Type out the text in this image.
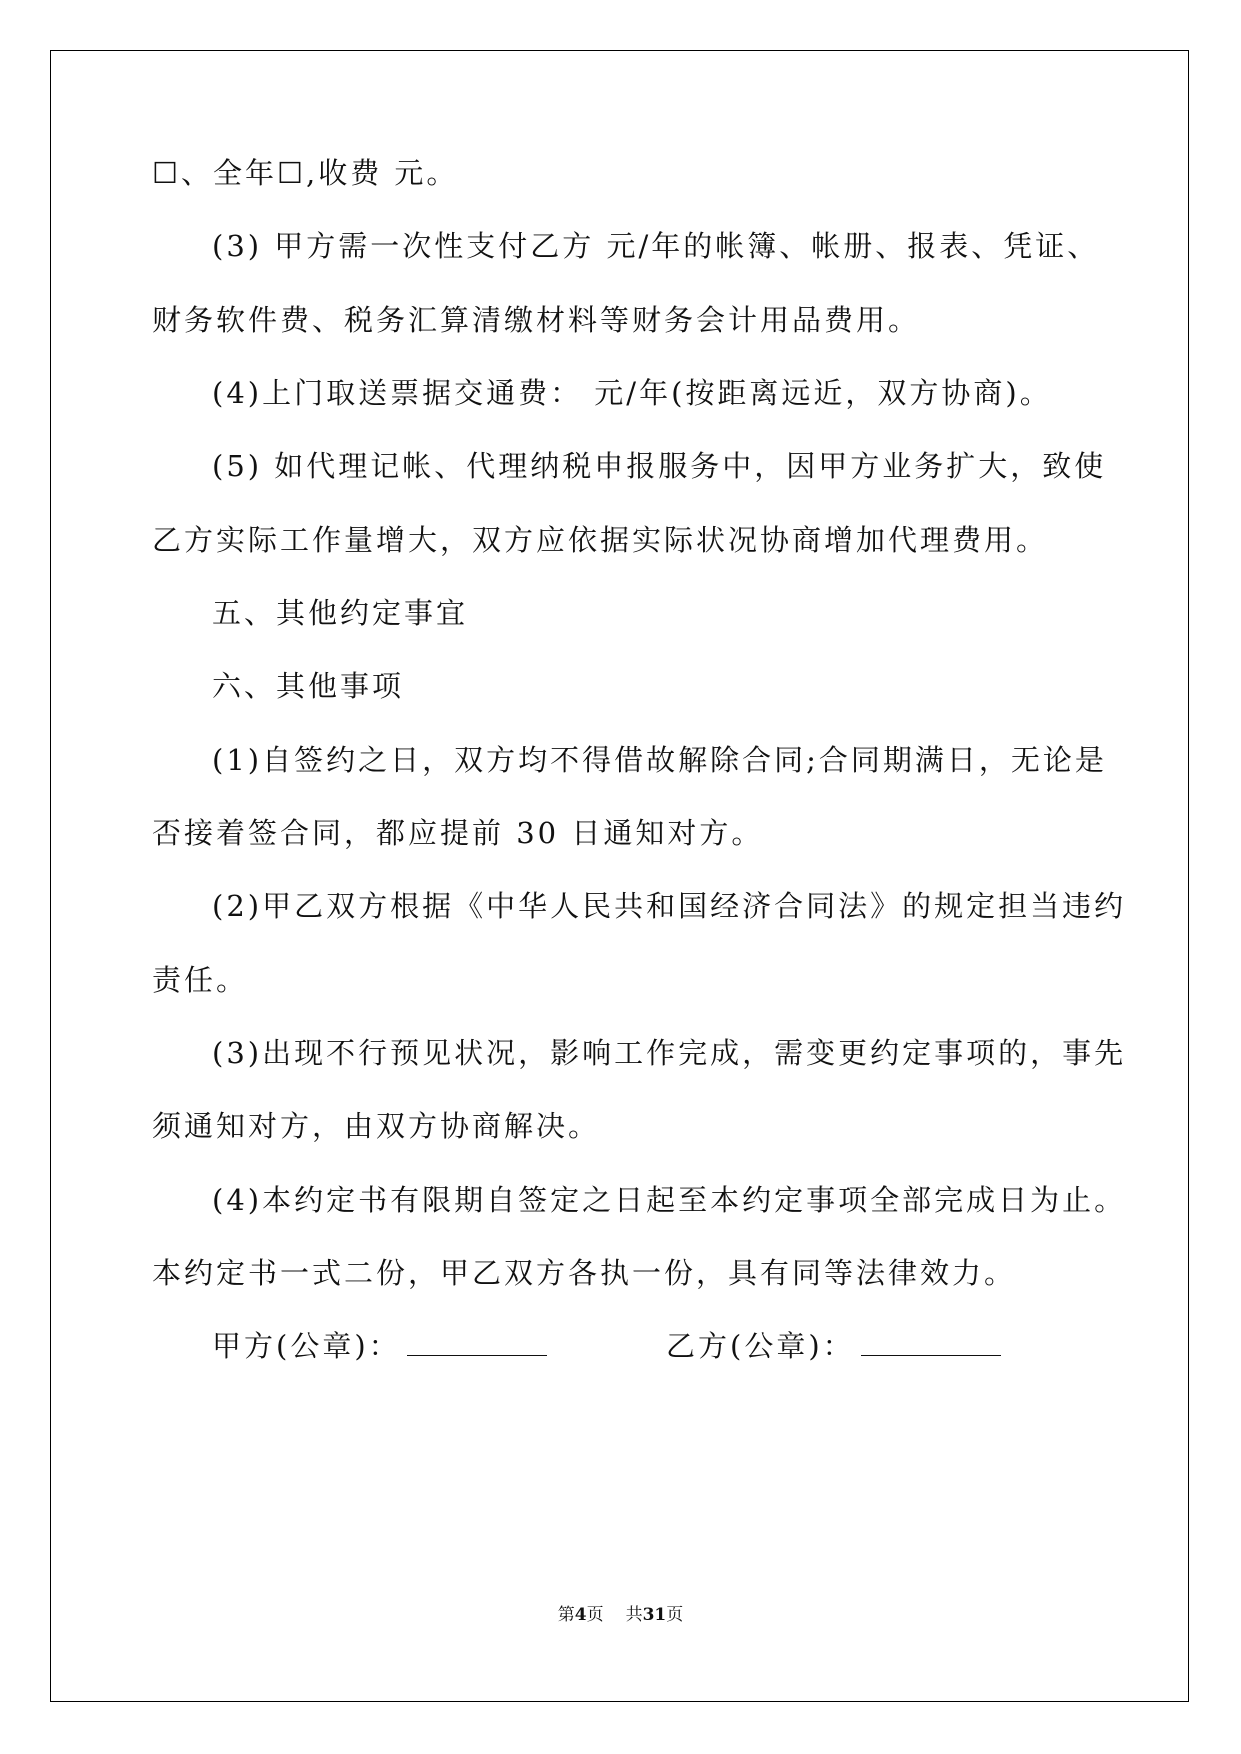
☐、全年☐,收费 元。
(3) 甲方需一次性支付乙方 元/年的帐簿、帐册、报表、凭证、
财务软件费、税务汇算清缴材料等财务会计用品费用。
(4)上门取送票据交通费： 元/年(按距离远近，双方协商)。
(5) 如代理记帐、代理纳税申报服务中，因甲方业务扩大，致使
乙方实际工作量增大，双方应依据实际状况协商增加代理费用。
五、其他约定事宜
六、其他事项
(1)自签约之日，双方均不得借故解除合同;合同期满日，无论是
否接着签合同，都应提前 30 日通知对方。
(2)甲乙双方根据《中华人民共和国经济合同法》的规定担当违约
责任。
(3)出现不行预见状况，影响工作完成，需变更约定事项的，事先
须通知对方，由双方协商解决。
(4)本约定书有限期自签定之日起至本约定事项全部完成日为止。
本约定书一式二份，甲乙双方各执一份，具有同等法律效力。
甲方(公章)：	乙方(公章)：
第4页 共31页
